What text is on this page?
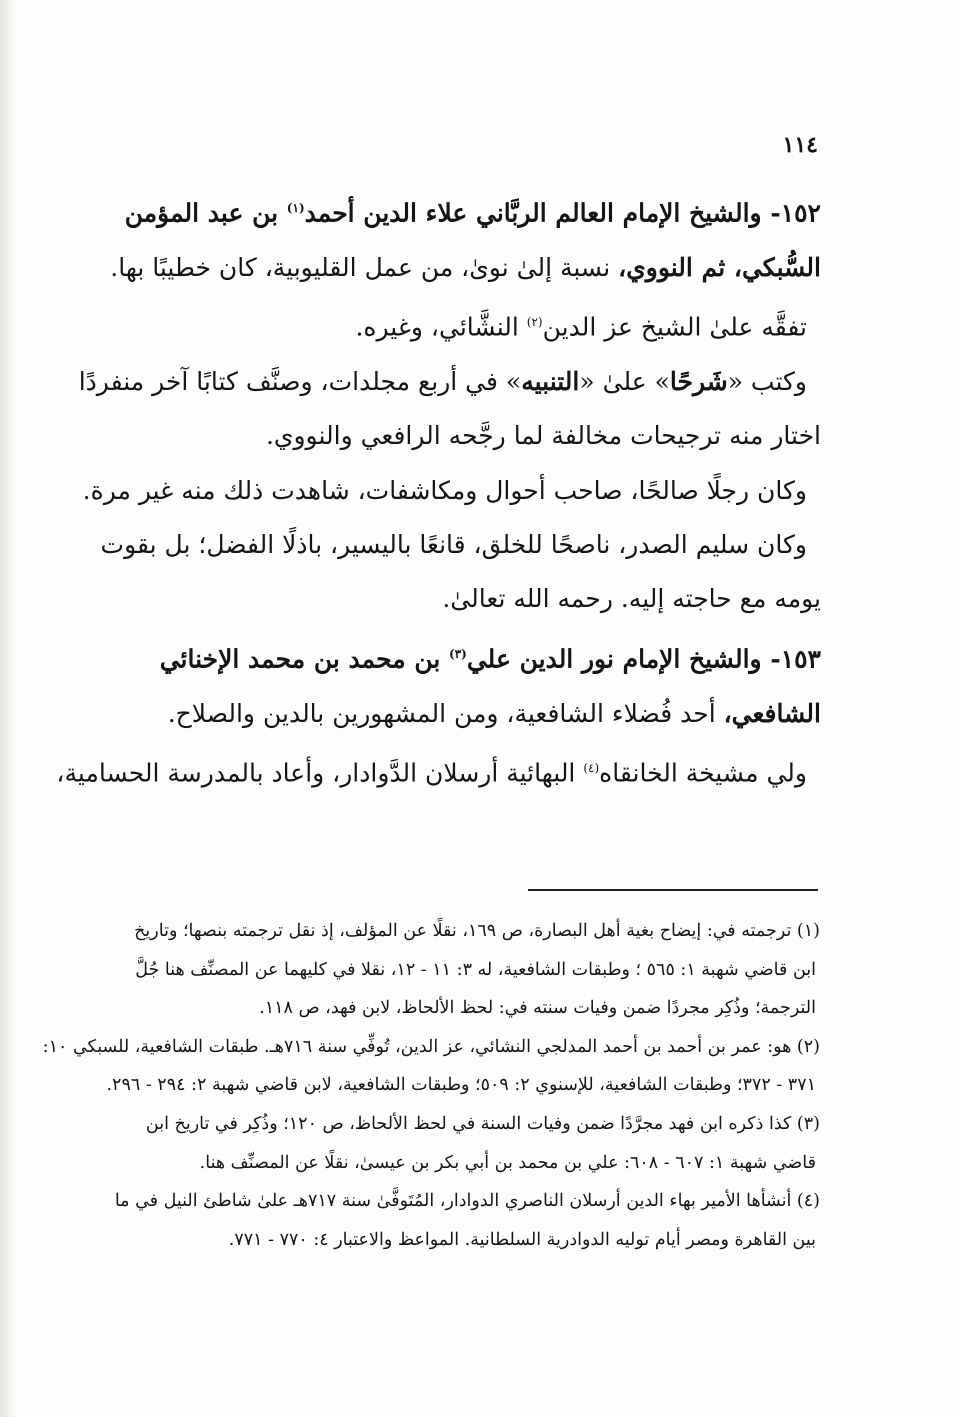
١١٤
١٥٢- والشيخ الإمام العالم الربَّاني علاء الدين أحمد$^{(١)}$ بن عبد المؤمن
السُّبكي، ثم النووي، نسبة إلىٰ نوىٰ، من عمل القليوبية، كان خطيبًا بها.
تفقَّه علىٰ الشيخ عز الدين$^{(٢)}$ النشَّائي، وغيره.
وكتب «شَرحًا» علىٰ «التنبيه» في أربع مجلدات، وصنَّف كتابًا آخر منفردًا
اختار منه ترجيحات مخالفة لما رجَّحه الرافعي والنووي.
وكان رجلًا صالحًا، صاحب أحوال ومكاشفات، شاهدت ذلك منه غير مرة.
وكان سليم الصدر، ناصحًا للخلق، قانعًا باليسير، باذلًا الفضل؛ بل بقوت
يومه مع حاجته إليه. رحمه الله تعالىٰ.
١٥٣- والشيخ الإمام نور الدين علي$^{(٣)}$ بن محمد بن محمد الإخنائي
الشافعي، أحد فُضلاء الشافعية، ومن المشهورين بالدين والصلاح.
ولي مشيخة الخانقاه$^{(٤)}$ البهائية أرسلان الدَّوادار، وأعاد بالمدرسة الحسامية،
(١) ترجمته في: إيضاح بغية أهل البصارة، ص ١٦٩، نقلًا عن المؤلف، إذ نقل ترجمته بنصها؛ وتاريخ
ابن قاضي شهبة ١: ٥٦٥ ؛ وطبقات الشافعية، له ٣: ١١ - ١٢، نقلا في كليهما عن المصنِّف هنا جُلَّ
الترجمة؛ وذُكِر مجردًا ضمن وفيات سنته في: لحظ الألحاظ، لابن فهد، ص ١١٨.
(٢) هو: عمر بن أحمد بن أحمد المدلجي النشائي، عز الدين، تُوفِّي سنة ٧١٦هـ. طبقات الشافعية، للسبكي ١٠:
٣٧١ - ٣٧٢؛ وطبقات الشافعية، للإسنوي ٢: ٥٠٩؛ وطبقات الشافعية، لابن قاضي شهبة ٢: ٢٩٤ - ٢٩٦.
(٣) كذا ذكره ابن فهد مجرَّدًا ضمن وفيات السنة في لحظ الألحاظ، ص ١٢٠؛ وذُكِر في تاريخ ابن
قاضي شهبة ١: ٦٠٧ - ٦٠٨: علي بن محمد بن أبي بكر بن عيسىٰ، نقلًا عن المصنِّف هنا.
(٤) أنشأها الأمير بهاء الدين أرسلان الناصري الدوادار، المُتَوفَّىٰ سنة ٧١٧هـ علىٰ شاطئ النيل في ما
بين القاهرة ومصر أيام توليه الدوادرية السلطانية. المواعظ والاعتبار ٤: ٧٧٠ - ٧٧١.
